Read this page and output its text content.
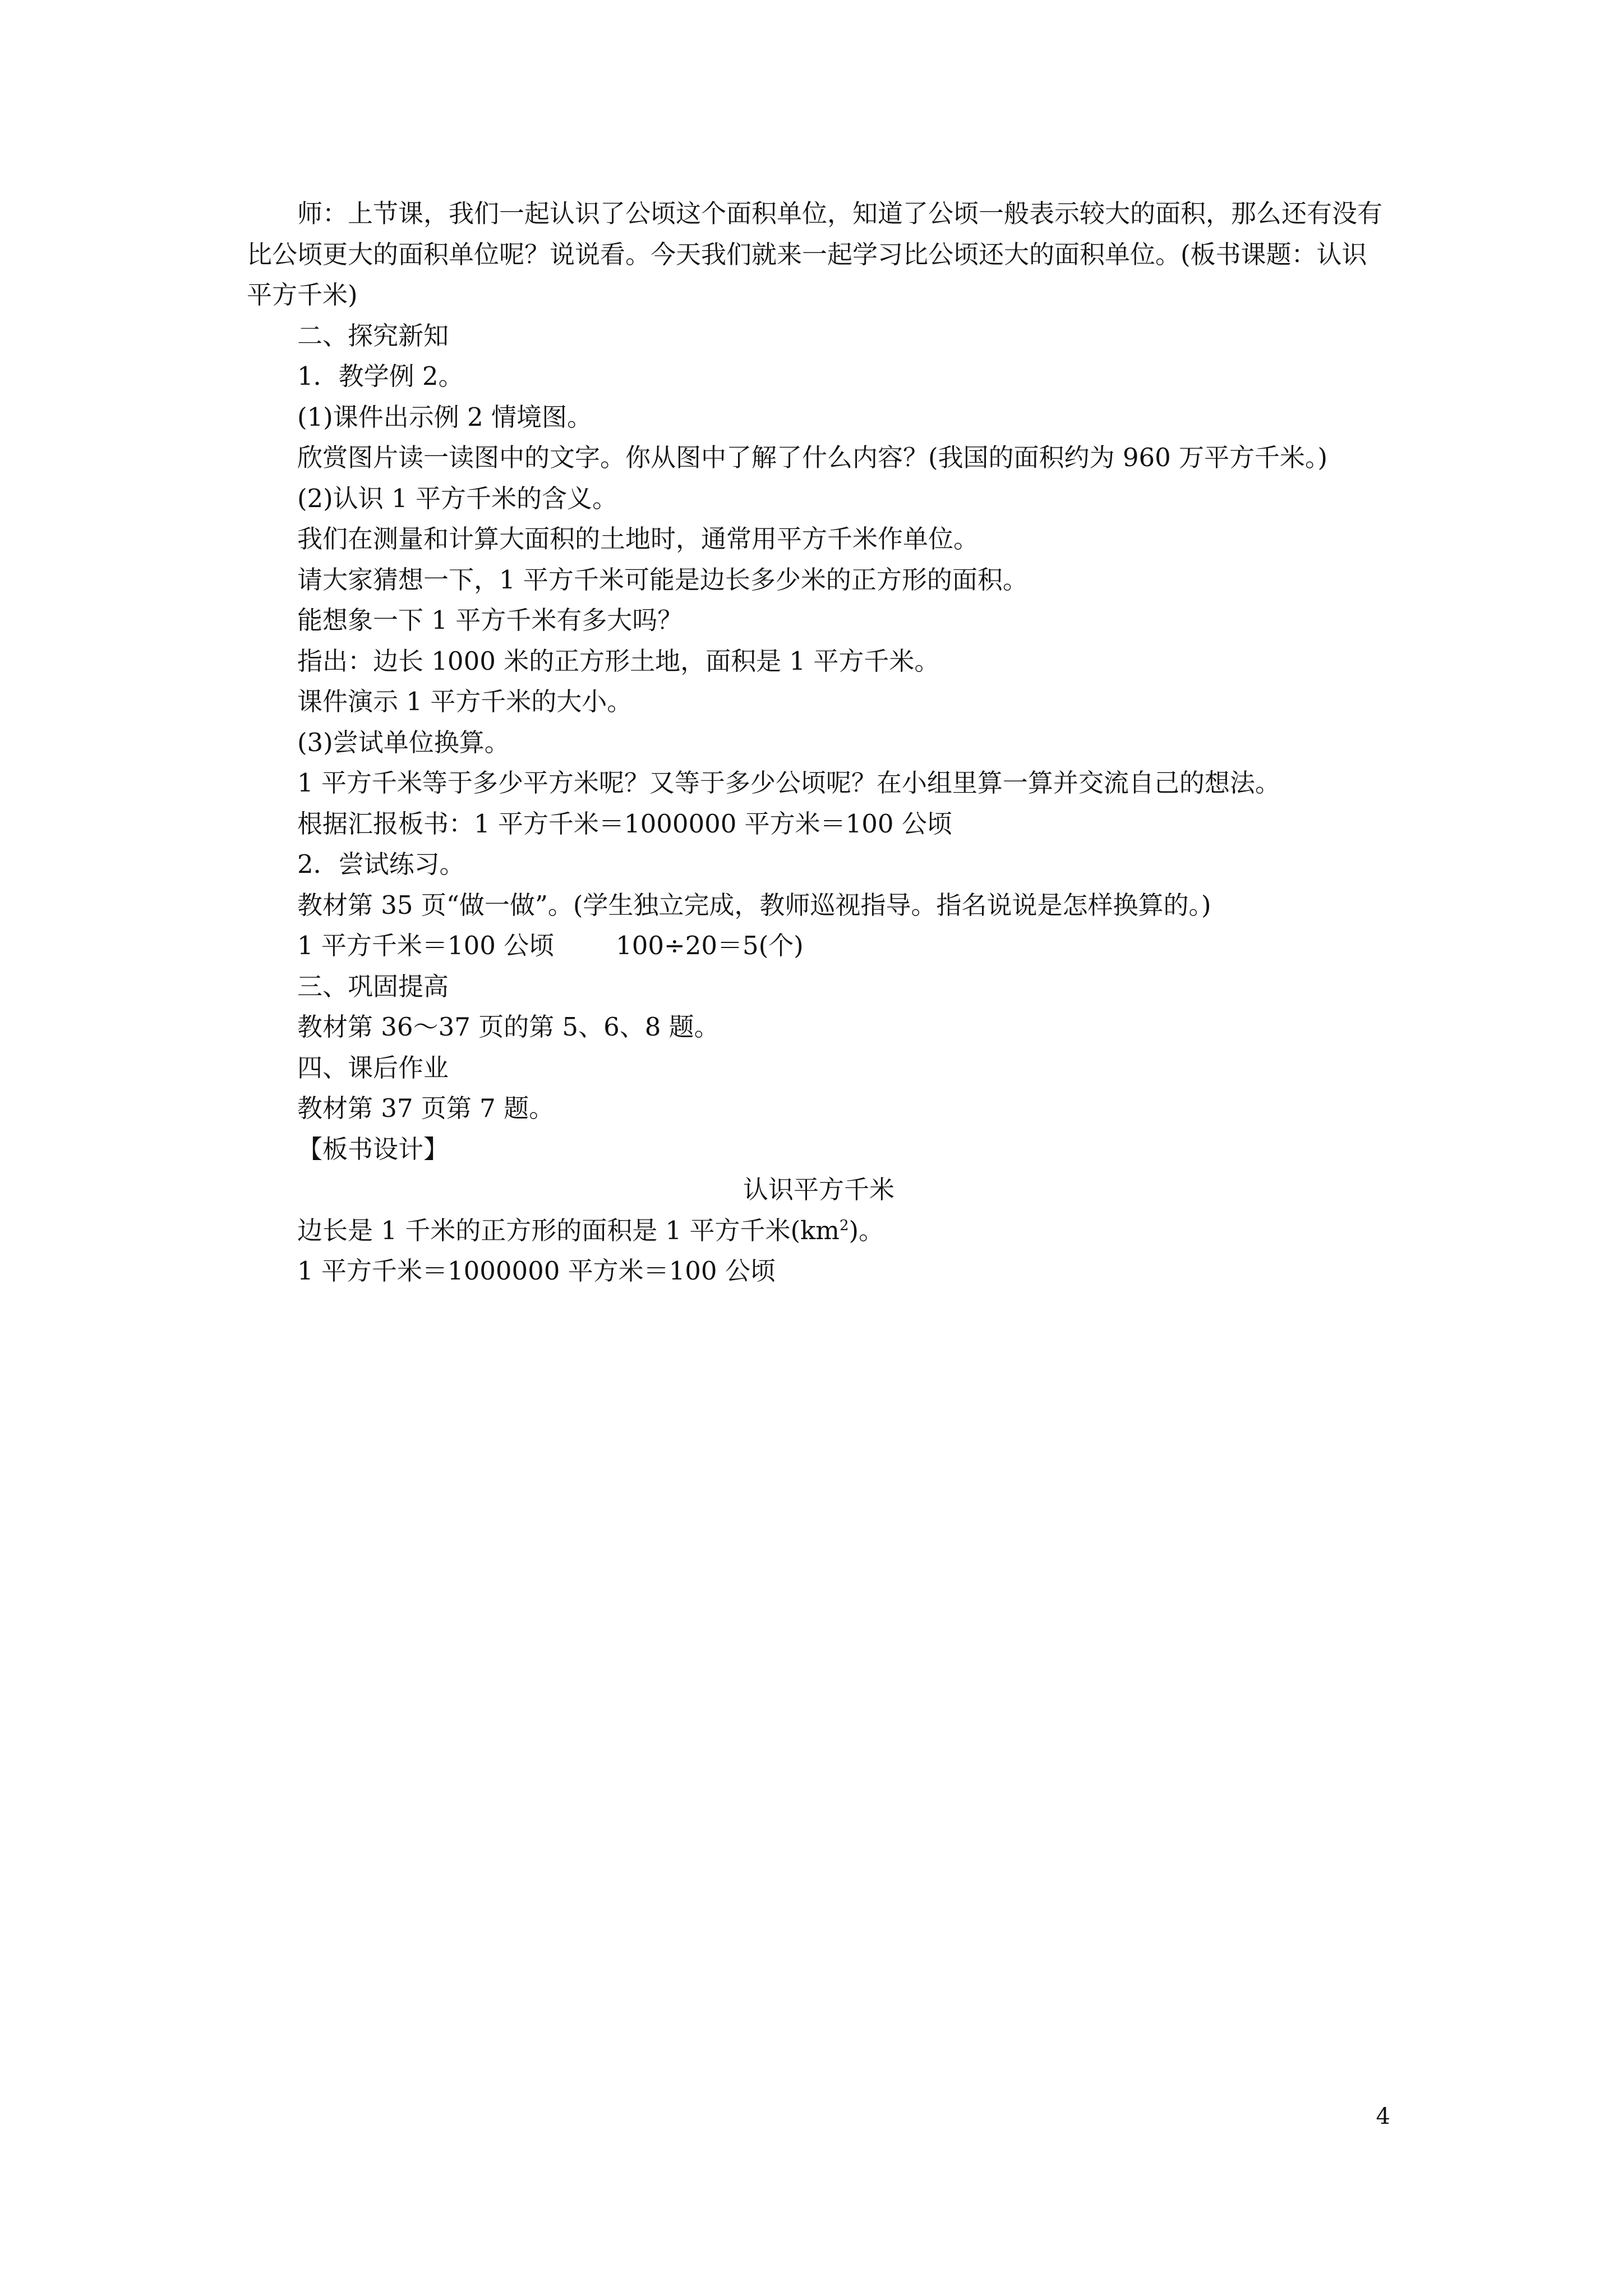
师：上节课，我们一起认识了公顷这个面积单位，知道了公顷一般表示较大的面积，那么还有没有比公顷更大的面积单位呢？说说看。今天我们就来一起学习比公顷还大的面积单位。(板书课题：认识平方千米)

二、探究新知

1．教学例 2。

(1)课件出示例 2 情境图。

欣赏图片读一读图中的文字。你从图中了解了什么内容？(我国的面积约为 960 万平方千米。)

(2)认识 1 平方千米的含义。

我们在测量和计算大面积的土地时，通常用平方千米作单位。

请大家猜想一下，1 平方千米可能是边长多少米的正方形的面积。

能想象一下 1 平方千米有多大吗？

指出：边长 1000 米的正方形土地，面积是 1 平方千米。

课件演示 1 平方千米的大小。

(3)尝试单位换算。

1 平方千米等于多少平方米呢？又等于多少公顷呢？在小组里算一算并交流自己的想法。

根据汇报板书：1 平方千米＝1000000 平方米＝100 公顷

2．尝试练习。

教材第 35 页“做一做”。(学生独立完成，教师巡视指导。指名说说是怎样换算的。)

1 平方千米＝100 公顷 100÷20＝5(个)

三、巩固提高

教材第 36～37 页的第 5、6、8 题。

四、课后作业

教材第 37 页第 7 题。

【板书设计】

认识平方千米

边长是 1 千米的正方形的面积是 1 平方千米$(km^2)$。

1 平方千米＝1000000 平方米＝100 公顷

4
